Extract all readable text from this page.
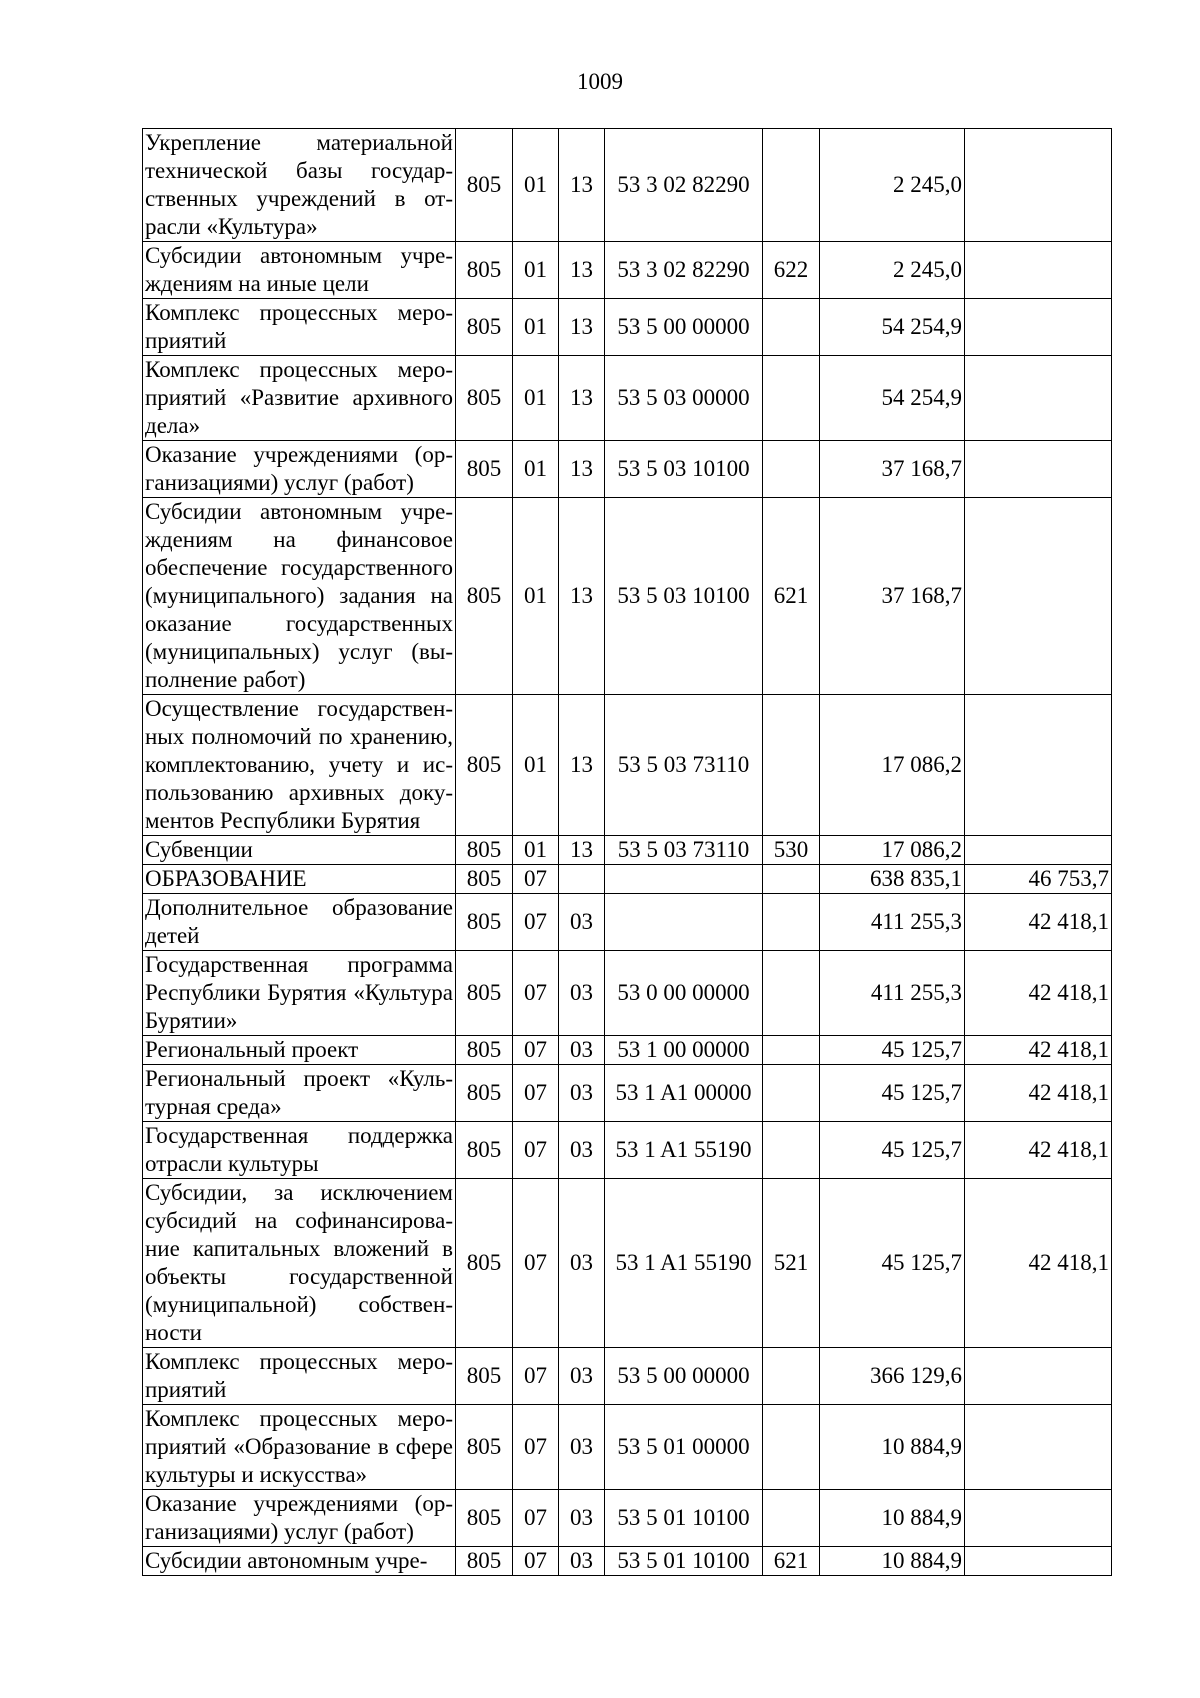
1009
Укрепление материальной технической базы государственных учреждений в отрасли «Культура»	805	01	13	53 3 02 82290		2 245,0	
Субсидии автономным учреждениям на иные цели	805	01	13	53 3 02 82290	622	2 245,0	
Комплекс процессных мероприятий	805	01	13	53 5 00 00000		54 254,9	
Комплекс процессных мероприятий «Развитие архивного дела»	805	01	13	53 5 03 00000		54 254,9	
Оказание учреждениями (организациями) услуг (работ)	805	01	13	53 5 03 10100		37 168,7	
Субсидии автономным учреждениям на финансовое обеспечение государственного (муниципального) задания на оказание государственных (муниципальных) услуг (выполнение работ)	805	01	13	53 5 03 10100	621	37 168,7	
Осуществление государственных полномочий по хранению, комплектованию, учету и использованию архивных документов Республики Бурятия	805	01	13	53 5 03 73110		17 086,2	
Субвенции	805	01	13	53 5 03 73110	530	17 086,2	
ОБРАЗОВАНИЕ	805	07				638 835,1	46 753,7
Дополнительное образование детей	805	07	03			411 255,3	42 418,1
Государственная программа Республики Бурятия «Культура Бурятии»	805	07	03	53 0 00 00000		411 255,3	42 418,1
Региональный проект	805	07	03	53 1 00 00000		45 125,7	42 418,1
Региональный проект «Культурная среда»	805	07	03	53 1 A1 00000		45 125,7	42 418,1
Государственная поддержка отрасли культуры	805	07	03	53 1 A1 55190		45 125,7	42 418,1
Субсидии, за исключением субсидий на софинансирование капитальных вложений в объекты государственной (муниципальной) собственности	805	07	03	53 1 A1 55190	521	45 125,7	42 418,1
Комплекс процессных мероприятий	805	07	03	53 5 00 00000		366 129,6	
Комплекс процессных мероприятий «Образование в сфере культуры и искусства»	805	07	03	53 5 01 00000		10 884,9	
Оказание учреждениями (организациями) услуг (работ)	805	07	03	53 5 01 10100		10 884,9	
Субсидии автономным учре-	805	07	03	53 5 01 10100	621	10 884,9	
